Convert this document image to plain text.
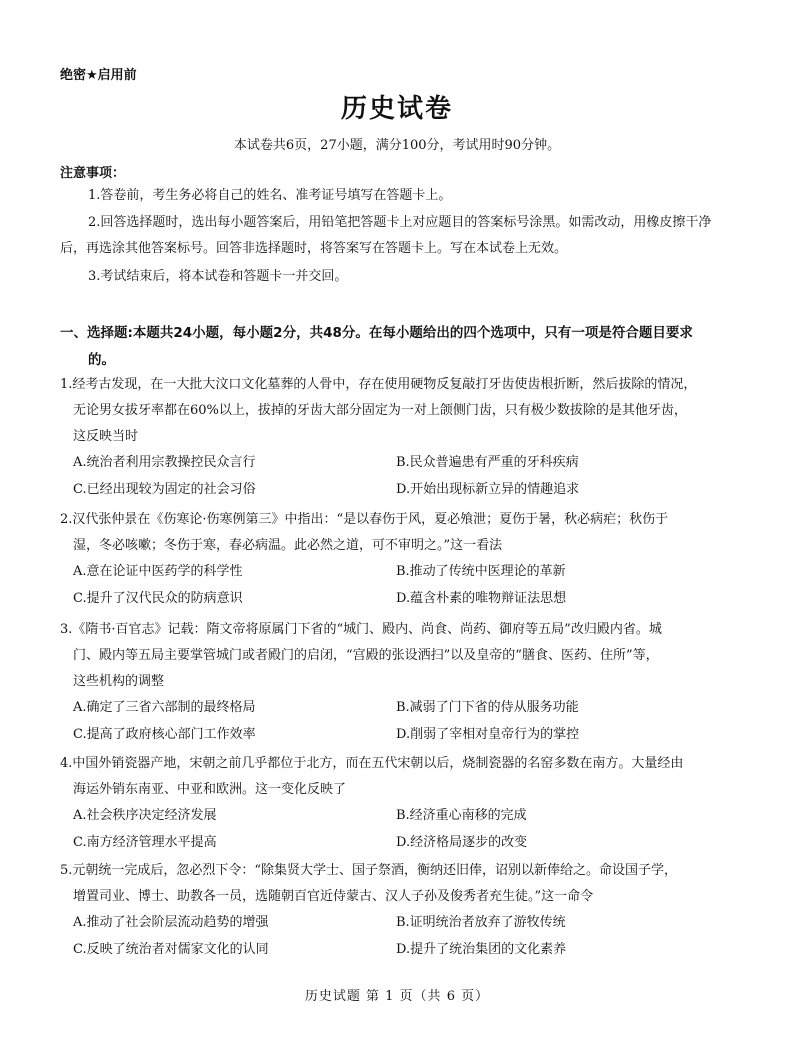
绝密★启用前
历史试卷
本试卷共6页，27小题，满分100分，考试用时90分钟。
注意事项：
1.答卷前，考生务必将自己的姓名、准考证号填写在答题卡上。
2.回答选择题时，选出每小题答案后，用铅笔把答题卡上对应题目的答案标号涂黑。如需改动，用橡皮擦干净后，再选涂其他答案标号。回答非选择题时，将答案写在答题卡上。写在本试卷上无效。
3.考试结束后，将本试卷和答题卡一并交回。
一、选择题:本题共24小题，每小题2分，共48分。在每小题给出的四个选项中，只有一项是符合题目要求
的。
1.经考古发现，在一大批大汶口文化墓葬的人骨中，存在使用硬物反复敲打牙齿使齿根折断，然后拔除的情况，
无论男女拔牙率都在60%以上，拔掉的牙齿大部分固定为一对上颌侧门齿，只有极少数拔除的是其他牙齿，
这反映当时
A.统治者利用宗教操控民众言行	B.民众普遍患有严重的牙科疾病
C.已经出现较为固定的社会习俗	D.开始出现标新立异的情趣追求
2.汉代张仲景在《伤寒论·伤寒例第三》中指出：“是以春伤于风，夏必飧泄；夏伤于暑，秋必病疟；秋伤于
湿，冬必咳嗽；冬伤于寒，春必病温。此必然之道，可不审明之。”这一看法
A.意在论证中医药学的科学性	B.推动了传统中医理论的革新
C.提升了汉代民众的防病意识	D.蕴含朴素的唯物辩证法思想
3.《隋书·百官志》记载：隋文帝将原属门下省的“城门、殿内、尚食、尚药、御府等五局”改归殿内省。城
门、殿内等五局主要掌管城门或者殿门的启闭，“宫殿的张设洒扫”以及皇帝的“膳食、医药、住所”等，
这些机构的调整
A.确定了三省六部制的最终格局	B.减弱了门下省的侍从服务功能
C.提高了政府核心部门工作效率	D.削弱了宰相对皇帝行为的掌控
4.中国外销瓷器产地，宋朝之前几乎都位于北方，而在五代宋朝以后，烧制瓷器的名窑多数在南方。大量经由
海运外销东南亚、中亚和欧洲。这一变化反映了
A.社会秩序决定经济发展	B.经济重心南移的完成
C.南方经济管理水平提高	D.经济格局逐步的改变
5.元朝统一完成后，忽必烈下令：“除集贤大学士、国子祭酒，衡纳还旧俸，诏别以新俸给之。命设国子学，
增置司业、博士、助教各一员，选随朝百官近侍蒙古、汉人子孙及俊秀者充生徒。”这一命令
A.推动了社会阶层流动趋势的增强	B.证明统治者放弃了游牧传统
C.反映了统治者对儒家文化的认同	D.提升了统治集团的文化素养
历史试题 第 1 页（共 6 页）
